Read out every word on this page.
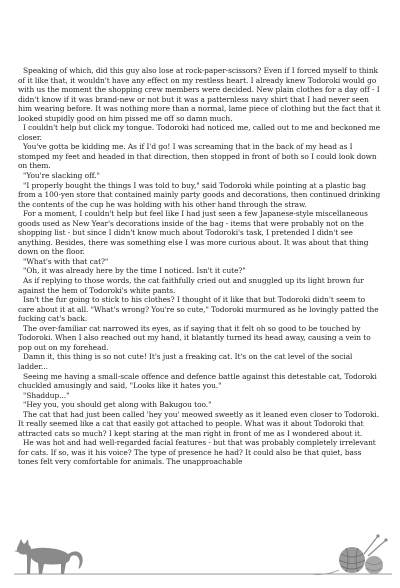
Speaking of which, did this guy also lose at rock-paper-scissors? Even if I forced myself to think of it like that, it wouldn't have any effect on my restless heart. I already knew Todoroki would go with us the moment the shopping crew members were decided. New plain clothes for a day off - I didn't know if it was brand-new or not but it was a patternless navy shirt that I had never seen him wearing before. It was nothing more than a normal, lame piece of clothing but the fact that it looked stupidly good on him pissed me off so damn much.

I couldn't help but click my tongue. Todoroki had noticed me, called out to me and beckoned me closer.

You've gotta be kidding me. As if I'd go! I was screaming that in the back of my head as I stomped my feet and headed in that direction, then stopped in front of both so I could look down on them.

"You're slacking off."

"I properly bought the things I was told to buy," said Todoroki while pointing at a plastic bag from a 100-yen store that contained mainly party goods and decorations, then continued drinking the contents of the cup he was holding with his other hand through the straw.

For a moment, I couldn't help but feel like I had just seen a few Japanese-style miscellaneous goods used as New Year's decorations inside of the bag - items that were probably not on the shopping list - but since I didn't know much about Todoroki's task, I pretended I didn't see anything. Besides, there was something else I was more curious about. It was about that thing down on the floor.

"What's with that cat?"

"Oh, it was already here by the time I noticed. Isn't it cute?"

As if replying to those words, the cat faithfully cried out and snuggled up its light brown fur against the hem of Todoroki's white pants.

Isn't the fur going to stick to his clothes? I thought of it like that but Todoroki didn't seem to care about it at all. "What's wrong? You're so cute," Todoroki murmured as he lovingly patted the fucking cat's back.

The over-familiar cat narrowed its eyes, as if saying that it felt oh so good to be touched by Todoroki. When I also reached out my hand, it blatantly turned its head away, causing a vein to pop out on my forehead.

Damn it, this thing is so not cute! It's just a freaking cat. It's on the cat level of the social ladder...

Seeing me having a small-scale offence and defence battle against this detestable cat, Todoroki chuckled amusingly and said, "Looks like it hates you."

"Shaddup..."

"Hey you, you should get along with Bakugou too."

The cat that had just been called 'hey you' meowed sweetly as it leaned even closer to Todoroki. It really seemed like a cat that easily got attached to people. What was it about Todoroki that attracted cats so much? I kept staring at the man right in front of me as I wondered about it.

He was hot and had well-regarded facial features - but that was probably completely irrelevant for cats. If so, was it his voice? The type of presence he had? It could also be that quiet, bass tones felt very comfortable for animals. The unapproachable
